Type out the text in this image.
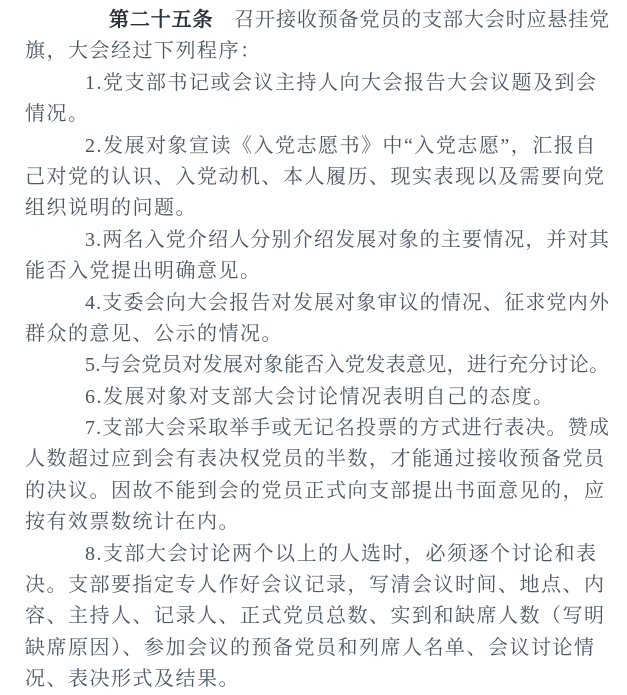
第二十五条　召开接收预备党员的支部大会时应悬挂党
旗，大会经过下列程序：
1.党支部书记或会议主持人向大会报告大会议题及到会
情况。
2.发展对象宣读《入党志愿书》中“入党志愿”，汇报自
己对党的认识、入党动机、本人履历、现实表现以及需要向党
组织说明的问题。
3.两名入党介绍人分别介绍发展对象的主要情况，并对其
能否入党提出明确意见。
4.支委会向大会报告对发展对象审议的情况、征求党内外
群众的意见、公示的情况。
5.与会党员对发展对象能否入党发表意见，进行充分讨论。
6.发展对象对支部大会讨论情况表明自己的态度。
7.支部大会采取举手或无记名投票的方式进行表决。赞成
人数超过应到会有表决权党员的半数，才能通过接收预备党员
的决议。因故不能到会的党员正式向支部提出书面意见的，应
按有效票数统计在内。
8.支部大会讨论两个以上的人选时，必须逐个讨论和表
决。支部要指定专人作好会议记录，写清会议时间、地点、内
容、主持人、记录人、正式党员总数、实到和缺席人数（写明
缺席原因）、参加会议的预备党员和列席人名单、会议讨论情
况、表决形式及结果。
